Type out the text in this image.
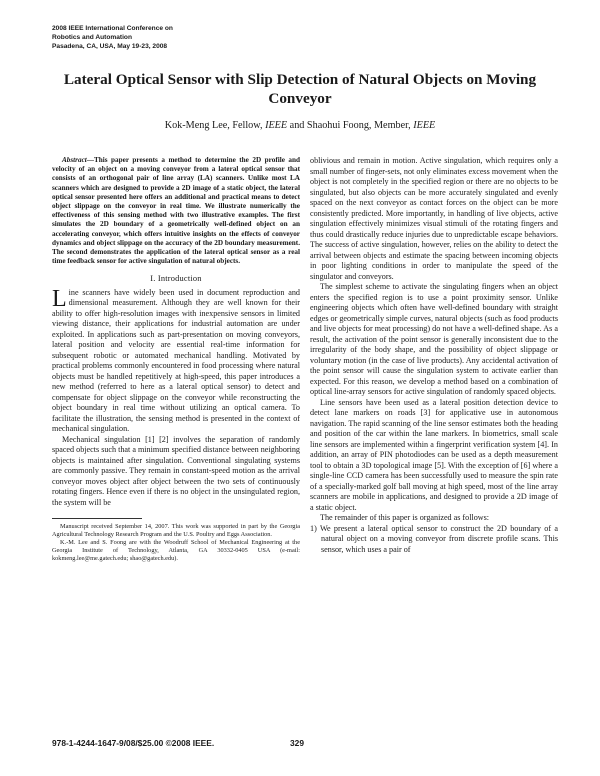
2008 IEEE International Conference on
Robotics and Automation
Pasadena, CA, USA, May 19-23, 2008
Lateral Optical Sensor with Slip Detection of Natural Objects on Moving Conveyor
Kok-Meng Lee, Fellow, IEEE and Shaohui Foong, Member, IEEE

Abstract—This paper presents a method to determine the 2D profile and velocity of an object on a moving conveyor from a lateral optical sensor that consists of an orthogonal pair of line array (LA) scanners. Unlike most LA scanners which are designed to provide a 2D image of a static object, the lateral optical sensor presented here offers an additional and practical means to detect object slippage on the conveyor in real time. We illustrate numerically the effectiveness of this sensing method with two illustrative examples. The first simulates the 2D boundary of a geometrically well-defined object on an accelerating conveyor, which offers intuitive insights on the effects of conveyor dynamics and object slippage on the accuracy of the 2D boundary measurement. The second demonstrates the application of the lateral optical sensor as a real time feedback sensor for active singulation of natural objects.

I. Introduction

Line scanners have widely been used in document reproduction and dimensional measurement. Although they are well known for their ability to offer high-resolution images with inexpensive sensors in limited viewing distance, their applications for industrial automation are under exploited. In applications such as part-presentation on moving conveyors, lateral position and velocity are essential real-time information for subsequent robotic or automated mechanical handling. Motivated by practical problems commonly encountered in food processing where natural objects must be handled repetitively at high-speed, this paper introduces a new method (referred to here as a lateral optical sensor) to detect and compensate for object slippage on the conveyor while reconstructing the object boundary in real time without utilizing an optical camera. To facilitate the illustration, the sensing method is presented in the context of mechanical singulation.

Mechanical singulation [1] [2] involves the separation of randomly spaced objects such that a minimum specified distance between neighboring objects is maintained after singulation. Conventional singulating systems are commonly passive. They remain in constant-speed motion as the arrival conveyor moves object after object between the two sets of continuously rotating fingers. Hence even if there is no object in the unsingulated region, the system will be

Manuscript received September 14, 2007. This work was supported in part by the Georgia Agricultural Technology Research Program and the U.S. Poultry and Eggs Association.

K.-M. Lee and S. Foong are with the Woodruff School of Mechanical Engineering at the Georgia Institute of Technology, Atlanta, GA 30332-0405 USA (e-mail: kokmeng.lee@me.gatech.edu; shao@gatech.edu).

oblivious and remain in motion. Active singulation, which requires only a small number of finger-sets, not only eliminates excess movement when the object is not completely in the specified region or there are no objects to be singulated, but also objects can be more accurately singulated and evenly spaced on the next conveyor as contact forces on the object can be more consistently predicted. More importantly, in handling of live objects, active singulation effectively minimizes visual stimuli of the rotating fingers and thus could drastically reduce injuries due to unpredictable escape behaviors. The success of active singulation, however, relies on the ability to detect the arrival between objects and estimate the spacing between incoming objects in poor lighting conditions in order to manipulate the speed of the singulator and conveyors.

The simplest scheme to activate the singulating fingers when an object enters the specified region is to use a point proximity sensor. Unlike engineering objects which often have well-defined boundary with straight edges or geometrically simple curves, natural objects (such as food products and live objects for meat processing) do not have a well-defined shape. As a result, the activation of the point sensor is generally inconsistent due to the irregularity of the body shape, and the possibility of object slippage or voluntary motion (in the case of live products). Any accidental activation of the point sensor will cause the singulation system to activate earlier than expected. For this reason, we develop a method based on a combination of optical line-array sensors for active singulation of randomly spaced objects.

Line sensors have been used as a lateral position detection device to detect lane markers on roads [3] for applicative use in autonomous navigation. The rapid scanning of the line sensor estimates both the heading and position of the car within the lane markers. In biometrics, small scale line sensors are implemented within a fingerprint verification system [4]. In addition, an array of PIN photodiodes can be used as a depth measurement tool to obtain a 3D topological image [5]. With the exception of [6] where a single-line CCD camera has been successfully used to measure the spin rate of a specially-marked golf ball moving at high speed, most of the line array scanners are mobile in applications, and designed to provide a 2D image of a static object.

The remainder of this paper is organized as follows:

1) We present a lateral optical sensor to construct the 2D boundary of a natural object on a moving conveyor from discrete profile scans. This sensor, which uses a pair of

978-1-4244-1647-9/08/$25.00 ©2008 IEEE.	329
